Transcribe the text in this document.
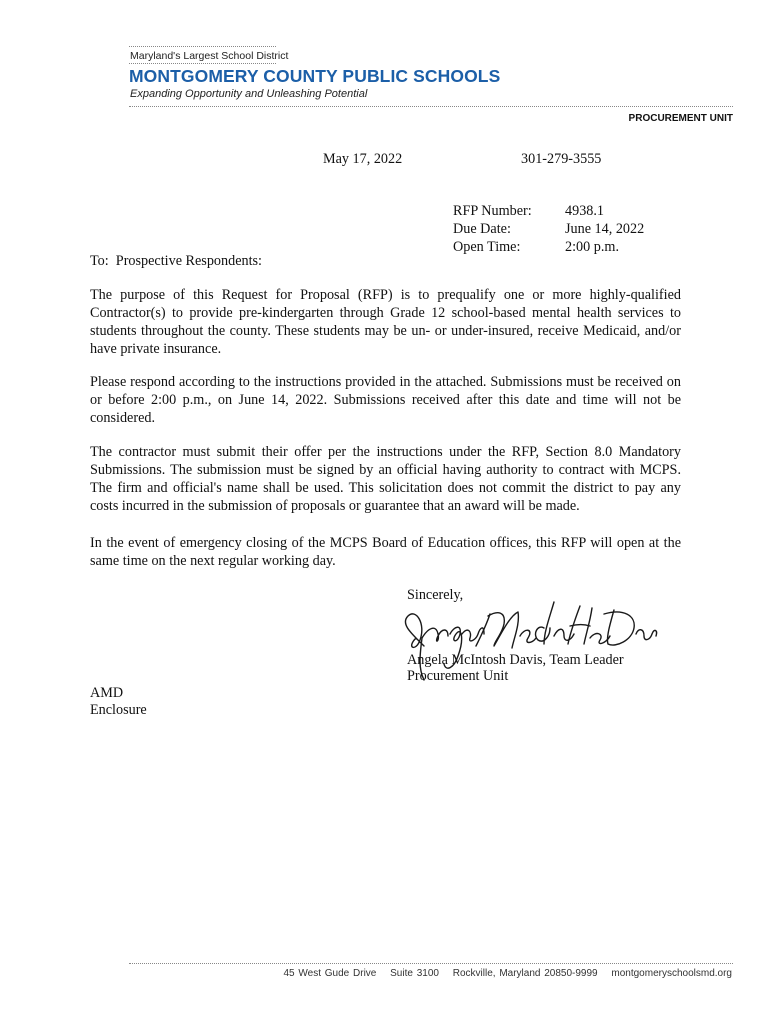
Maryland's Largest School District
MONTGOMERY COUNTY PUBLIC SCHOOLS
Expanding Opportunity and Unleashing Potential
PROCUREMENT UNIT
May 17, 2022	301-279-3555
RFP Number:	4938.1
Due Date:	June 14, 2022
Open Time:	2:00 p.m.
To:  Prospective Respondents:
The purpose of this Request for Proposal (RFP) is to prequalify one or more highly-qualified Contractor(s) to provide pre-kindergarten through Grade 12 school-based mental health services to students throughout the county. These students may be un- or under-insured, receive Medicaid, and/or have private insurance.
Please respond according to the instructions provided in the attached. Submissions must be received on or before 2:00 p.m., on June 14, 2022. Submissions received after this date and time will not be considered.
The contractor must submit their offer per the instructions under the RFP, Section 8.0 Mandatory Submissions. The submission must be signed by an official having authority to contract with MCPS. The firm and official's name shall be used. This solicitation does not commit the district to pay any costs incurred in the submission of proposals or guarantee that an award will be made.
In the event of emergency closing of the MCPS Board of Education offices, this RFP will open at the same time on the next regular working day.
Sincerely,
Angela McIntosh Davis, Team Leader
Procurement Unit
AMD
Enclosure
45 West Gude Drive Suite 3100 Rockville, Maryland 20850-9999 montgomeryschoolsmd.org
